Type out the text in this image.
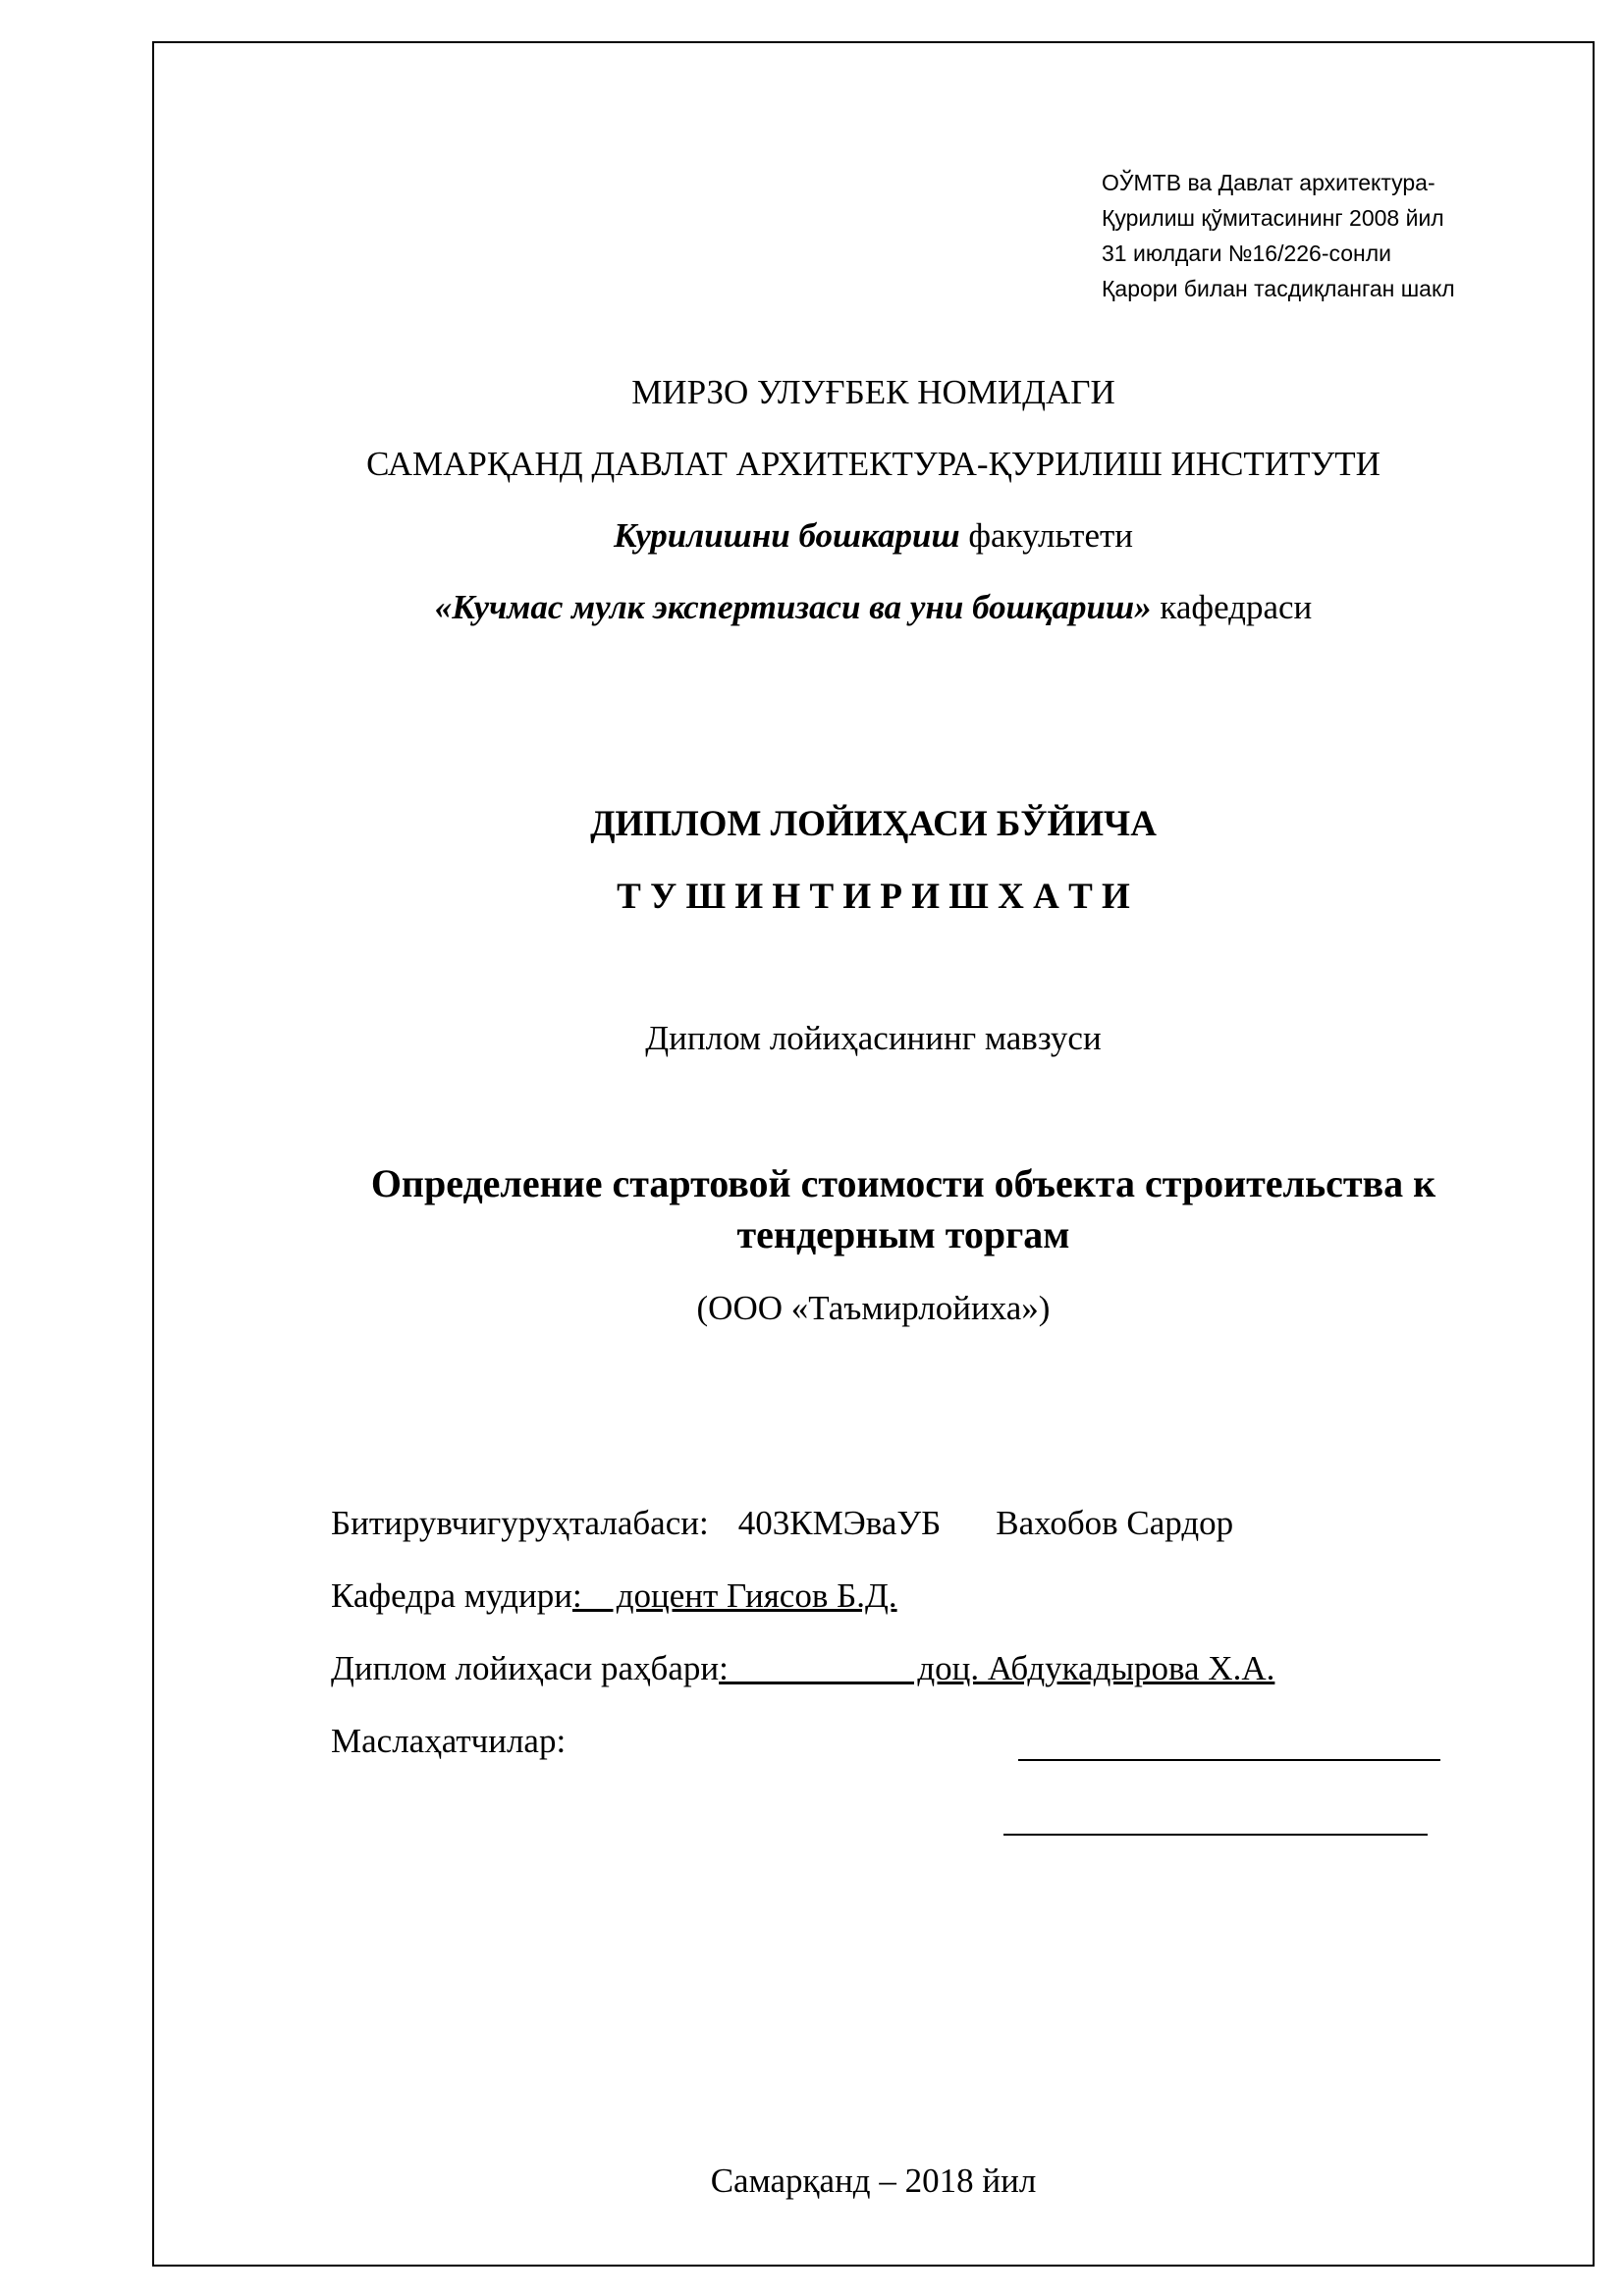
ОЎМТВ ва Давлат архитектура-
Қурилиш қўмитасининг 2008 йил
31 июлдаги №16/226-сонли
Қарори билан тасдиқланган шакл
МИРЗО УЛУҒБЕК НОМИДАГИ
САМАРҚАНД ДАВЛАТ АРХИТЕКТУРА-ҚУРИЛИШ ИНСТИТУТИ
Курилишни бошкариш факультети
«Кучмас мулк экспертизаси ва уни бошқариш» кафедраси
ДИПЛОМ ЛОЙИҲАСИ БЎЙИЧА
Т У Ш И Н Т И Р И Ш Х А Т И
Диплом лойиҳасининг мавзуси
Определение стартовой стоимости объекта строительства к тендерным торгам
(ООО «Таъмирлойиха»)
Битирувчигуруҳталабаси: 403КМЭваУБ Вахобов Сардор
Кафедра мудири:    доцент Гиясов Б.Д.
Диплом лойиҳаси раҳбари:                      доц. Абдукадырова Х.А.
Маслаҳатчилар:
Самарқанд – 2018 йил
